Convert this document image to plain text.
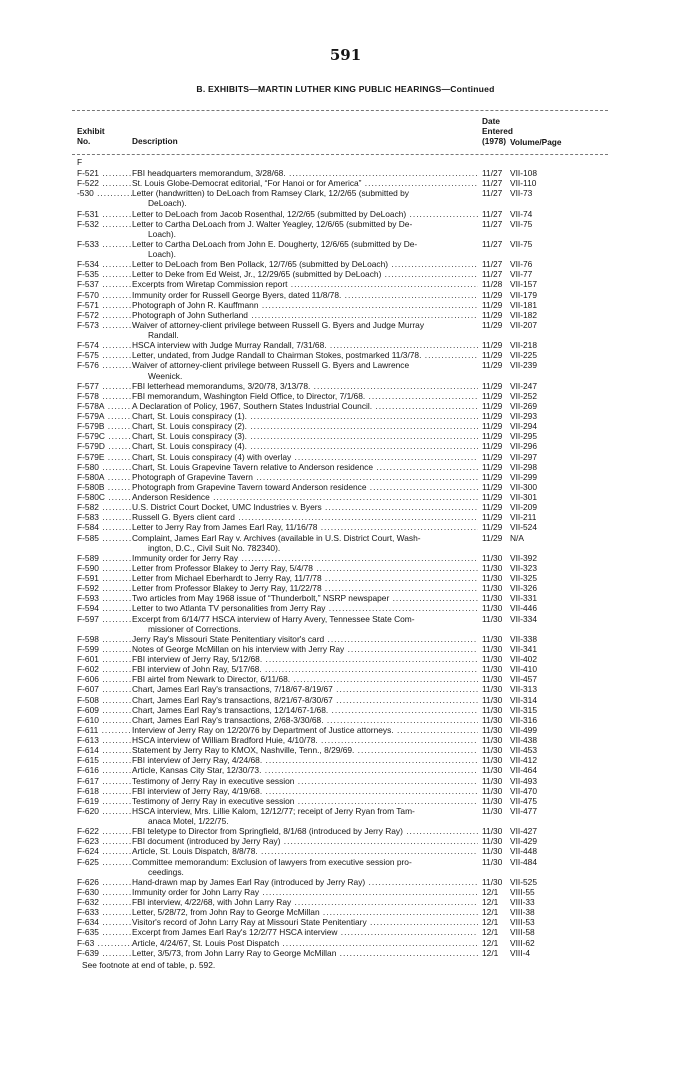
591
B. EXHIBITS—MARTIN LUTHER KING PUBLIC HEARINGS—Continued
Exhibit
No.	Description
Date
Entered
(1978) Volume/Page
F
F-521 .....	FBI headquarters memorandum, 3/28/68. .....	11/27 VII-108
F-522 .....	St. Louis Globe-Democrat editorial, “For Hanoi or for America” .....	11/27 VII-110
-530 .....	Letter (handwritten) to DeLoach from Ramsey Clark, 12/2/65 (submitted by	11/27 VII-73
DeLoach).
F-531 .....	Letter to DeLoach from Jacob Rosenthal, 12/2/65 (submitted by DeLoach) .....	11/27 VII-74
F-532 .....	Letter to Cartha DeLoach from J. Walter Yeagley, 12/6/65 (submitted by De-	11/27 VII-75
Loach).
F-533 .....	Letter to Cartha DeLoach from John E. Dougherty, 12/6/65 (submitted by De-	11/27 VII-75
Loach).
F-534 .....	Letter to DeLoach from Ben Pollack, 12/7/65 (submitted by DeLoach) .....	11/27 VII-76
F-535 .....	Letter to Deke from Ed Weist, Jr., 12/29/65 (submitted by DeLoach) .....	11/27 VII-77
F-537 .....	Excerpts from Wiretap Commission report .....	11/28 VII-157
F-570 .....	Immunity order for Russell George Byers, dated 11/8/78. .....	11/29 VII-179
F-571 .....	Photograph of John R. Kauffmann .....	11/29 VII-181
F-572 .....	Photograph of John Sutherland .....	11/29 VII-182
F-573 .....	Waiver of attorney-client privilege between Russell G. Byers and Judge Murray	11/29 VII-207
Randall.
F-574 .....	HSCA interview with Judge Murray Randall, 7/31/68. .....	11/29 VII-218
F-575 .....	Letter, undated, from Judge Randall to Chairman Stokes, postmarked 11/3/78. .....	11/29 VII-225
F-576 .....	Waiver of attorney-client privilege between Russell G. Byers and Lawrence	11/29 VII-239
Weenick.
F-577 .....	FBI letterhead memorandums, 3/20/78, 3/13/78. .....	11/29 VII-247
F-578 .....	FBI memorandum, Washington Field Office, to Director, 7/1/68. .....	11/29 VII-252
F-578A .....	A Declaration of Policy, 1967, Southern States Industrial Council. .....	11/29 VII-269
F-579A .....	Chart, St. Louis conspiracy (1). .....	11/29 VII-293
F-579B .....	Chart, St. Louis conspiracy (2). .....	11/29 VII-294
F-579C .....	Chart, St. Louis conspiracy (3). .....	11/29 VII-295
F-579D .....	Chart, St. Louis conspiracy (4). .....	11/29 VII-296
F-579E .....	Chart, St. Louis conspiracy (4) with overlay .....	11/29 VII-297
F-580 .....	Chart, St. Louis Grapevine Tavern relative to Anderson residence .....	11/29 VII-298
F-580A .....	Photograph of Grapevine Tavern .....	11/29 VII-299
F-580B .....	Photograph from Grapevine Tavern toward Anderson residence .....	11/29 VII-300
F-580C .....	Anderson Residence .....	11/29 VII-301
F-582 .....	U.S. District Court Docket, UMC Industries v. Byers .....	11/29 VII-209
F-583 .....	Russell G. Byers client card .....	11/29 VII-211
F-584 .....	Letter to Jerry Ray from James Earl Ray, 11/16/78 .....	11/29 VII-524
F-585 .....	Complaint, James Earl Ray v. Archives (available in U.S. District Court, Wash-	11/29 N/A
ington, D.C., Civil Suit No. 782340).
F-589 .....	Immunity order for Jerry Ray .....	11/30 VII-392
F-590 .....	Letter from Professor Blakey to Jerry Ray, 5/4/78 .....	11/30 VII-323
F-591 .....	Letter from Michael Eberhardt to Jerry Ray, 11/7/78 .....	11/30 VII-325
F-592 .....	Letter from Professor Blakey to Jerry Ray, 11/22/78 .....	11/30 VII-326
F-593 .....	Two articles from May 1968 issue of “Thunderbolt,” NSRP newspaper .....	11/30 VII-331
F-594 .....	Letter to two Atlanta TV personalities from Jerry Ray .....	11/30 VII-446
F-597 .....	Excerpt from 6/14/77 HSCA interview of Harry Avery, Tennessee State Com-	11/30 VII-334
missioner of Corrections.
F-598 .....	Jerry Ray's Missouri State Penitentiary visitor's card .....	11/30 VII-338
F-599 .....	Notes of George McMillan on his interview with Jerry Ray .....	11/30 VII-341
F-601 .....	FBI interview of Jerry Ray, 5/12/68. .....	11/30 VII-402
F-602 .....	FBI interview of John Ray, 5/17/68. .....	11/30 VII-410
F-606 .....	FBI airtel from Newark to Director, 6/11/68. .....	11/30 VII-457
F-607 .....	Chart, James Earl Ray's transactions, 7/18/67-8/19/67 .....	11/30 VII-313
F-508 .....	Chart, James Earl Ray's transactions, 8/21/67-8/30/67 .....	11/30 VII-314
F-609 .....	Chart, James Earl Ray's transactions, 12/14/67-1/68. .....	11/30 VII-315
F-610 .....	Chart, James Earl Ray's transactions, 2/68-3/30/68. .....	11/30 VII-316
F-611 .....	Interview of Jerry Ray on 12/20/76 by Department of Justice attorneys. .....	11/30 VII-499
F-613 .....	HSCA interview of William Bradford Huie, 4/10/78. .....	11/30 VII-438
F-614 .....	Statement by Jerry Ray to KMOX, Nashville, Tenn., 8/29/69. .....	11/30 VII-453
F-615 .....	FBI interview of Jerry Ray, 4/24/68. .....	11/30 VII-412
F-616 .....	Article, Kansas City Star, 12/30/73. .....	11/30 VII-464
F-617 .....	Testimony of Jerry Ray in executive session .....	11/30 VII-493
F-618 .....	FBI interview of Jerry Ray, 4/19/68. .....	11/30 VII-470
F-619 .....	Testimony of Jerry Ray in executive session .....	11/30 VII-475
F-620 .....	HSCA interview, Mrs. Lillie Kalom, 12/12/77; receipt of Jerry Ryan from Tam-	11/30 VII-477
anaca Motel, 1/22/75.
F-622 .....	FBI teletype to Director from Springfield, 8/1/68 (introduced by Jerry Ray) .....	11/30 VII-427
F-623 .....	FBI document (introduced by Jerry Ray) .....	11/30 VII-429
F-624 .....	Article, St. Louis Dispatch, 8/8/78. .....	11/30 VII-448
F-625 .....	Committee memorandum: Exclusion of lawyers from executive session pro-	11/30 VII-484
ceedings.
F-626 .....	Hand-drawn map by James Earl Ray (introduced by Jerry Ray) .....	11/30 VII-525
F-630 .....	Immunity order for John Larry Ray .....	12/1 VIII-55
F-632 .....	FBI interview, 4/22/68, with John Larry Ray .....	12/1 VIII-33
F-633 .....	Letter, 5/28/72, from John Ray to George McMillan .....	12/1 VIII-38
F-634 .....	Visitor's record of John Larry Ray at Missouri State Penitentiary .....	12/1 VIII-53
F-635 .....	Excerpt from James Earl Ray's 12/2/77 HSCA interview .....	12/1 VIII-58
F-63 .....	Article, 4/24/67, St. Louis Post Dispatch .....	12/1 VIII-62
F-639 .....	Letter, 3/5/73, from John Larry Ray to George McMillan .....	12/1 VIII-4
See footnote at end of table, p. 592.
